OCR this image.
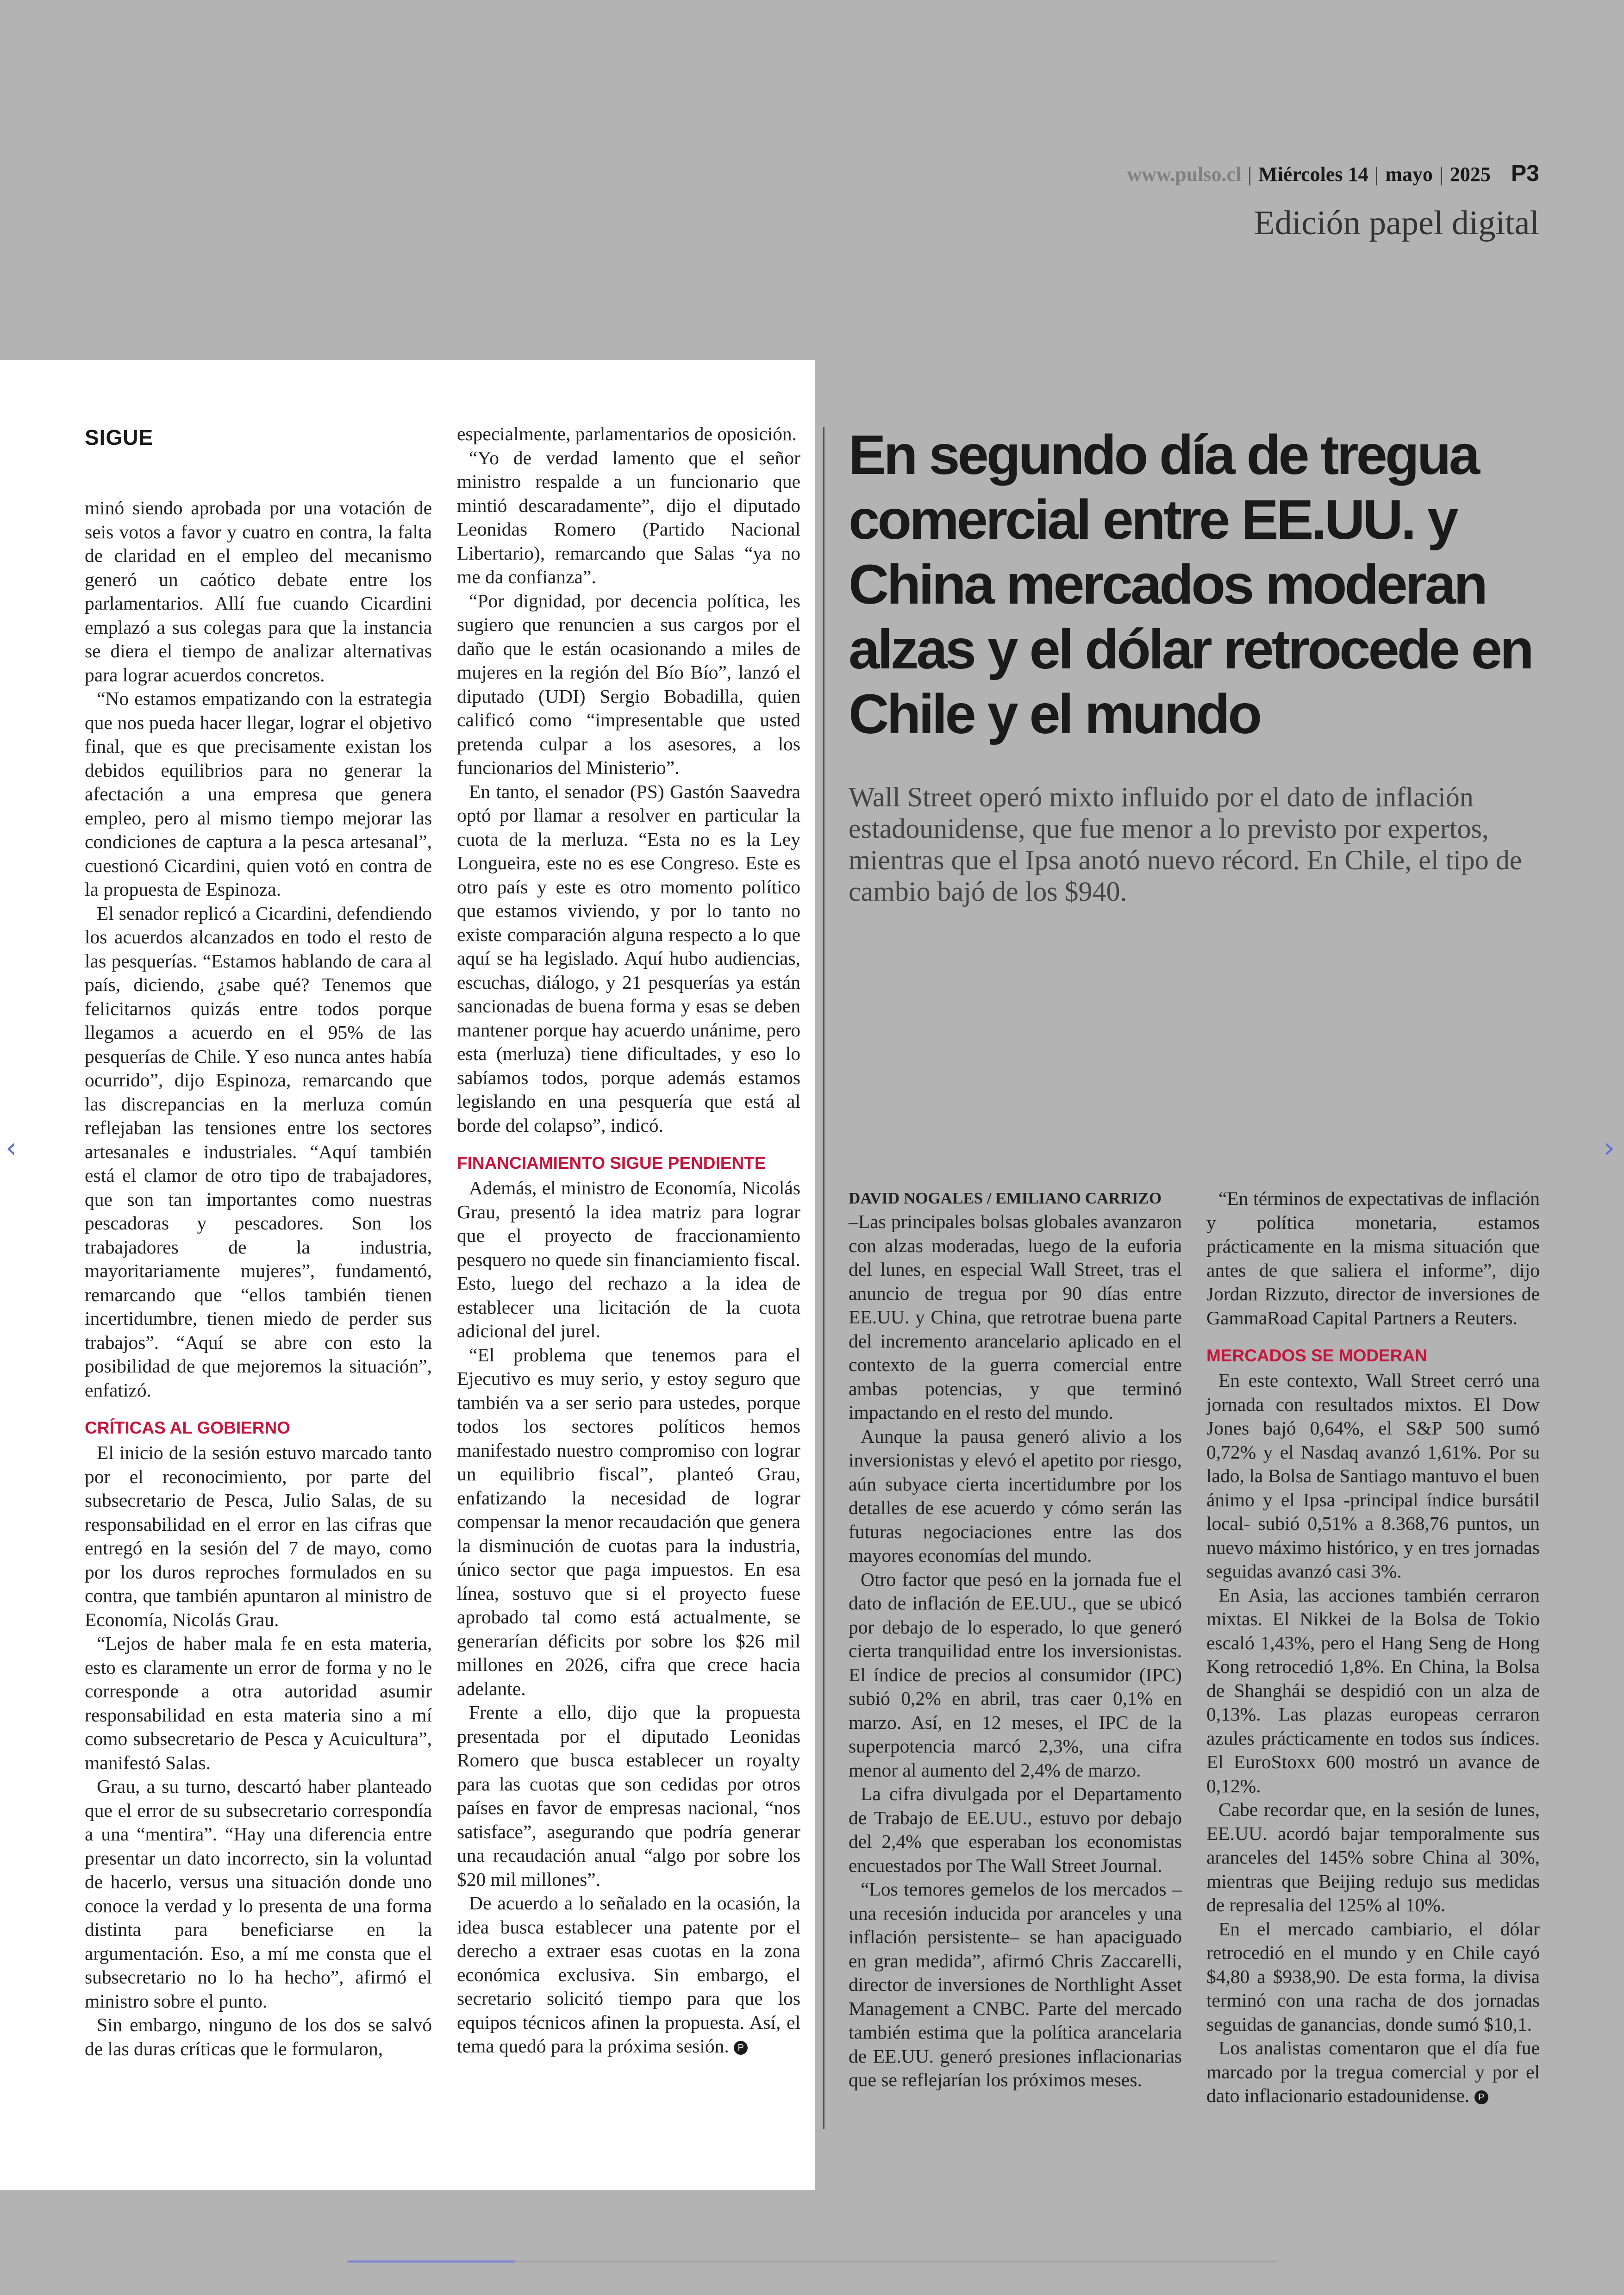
www.pulso.cl | Miércoles 14 | mayo | 2025 P3
Edición papel digital
SIGUE

minó siendo aprobada por una votación de seis votos a favor y cuatro en contra, la falta de claridad en el empleo del mecanismo generó un caótico debate entre los parlamentarios. Allí fue cuando Cicardini emplazó a sus colegas para que la instancia se diera el tiempo de analizar alternativas para lograr acuerdos concretos.

“No estamos empatizando con la estrategia que nos pueda hacer llegar, lograr el objetivo final, que es que precisamente existan los debidos equilibrios para no generar la afectación a una empresa que genera empleo, pero al mismo tiempo mejorar las condiciones de captura a la pesca artesanal”, cuestionó Cicardini, quien votó en contra de la propuesta de Espinoza.

El senador replicó a Cicardini, defendiendo los acuerdos alcanzados en todo el resto de las pesquerías. “Estamos hablando de cara al país, diciendo, ¿sabe qué? Tenemos que felicitarnos quizás entre todos porque llegamos a acuerdo en el 95% de las pesquerías de Chile. Y eso nunca antes había ocurrido”, dijo Espinoza, remarcando que las discrepancias en la merluza común reflejaban las tensiones entre los sectores artesanales e industriales. “Aquí también está el clamor de otro tipo de trabajadores, que son tan importantes como nuestras pescadoras y pescadores. Son los trabajadores de la industria, mayoritariamente mujeres”, fundamentó, remarcando que “ellos también tienen incertidumbre, tienen miedo de perder sus trabajos”. “Aquí se abre con esto la posibilidad de que mejoremos la situación”, enfatizó.

CRÍTICAS AL GOBIERNO

El inicio de la sesión estuvo marcado tanto por el reconocimiento, por parte del subsecretario de Pesca, Julio Salas, de su responsabilidad en el error en las cifras que entregó en la sesión del 7 de mayo, como por los duros reproches formulados en su contra, que también apuntaron al ministro de Economía, Nicolás Grau.

“Lejos de haber mala fe en esta materia, esto es claramente un error de forma y no le corresponde a otra autoridad asumir responsabilidad en esta materia sino a mí como subsecretario de Pesca y Acuicultura”, manifestó Salas.

Grau, a su turno, descartó haber planteado que el error de su subsecretario correspondía a una “mentira”. “Hay una diferencia entre presentar un dato incorrecto, sin la voluntad de hacerlo, versus una situación donde uno conoce la verdad y lo presenta de una forma distinta para beneficiarse en la argumentación. Eso, a mí me consta que el subsecretario no lo ha hecho”, afirmó el ministro sobre el punto.

Sin embargo, ninguno de los dos se salvó de las duras críticas que le formularon,

especialmente, parlamentarios de oposición.

“Yo de verdad lamento que el señor ministro respalde a un funcionario que mintió descaradamente”, dijo el diputado Leonidas Romero (Partido Nacional Libertario), remarcando que Salas “ya no me da confianza”.

“Por dignidad, por decencia política, les sugiero que renuncien a sus cargos por el daño que le están ocasionando a miles de mujeres en la región del Bío Bío”, lanzó el diputado (UDI) Sergio Bobadilla, quien calificó como “impresentable que usted pretenda culpar a los asesores, a los funcionarios del Ministerio”.

En tanto, el senador (PS) Gastón Saavedra optó por llamar a resolver en particular la cuota de la merluza. “Esta no es la Ley Longueira, este no es ese Congreso. Este es otro país y este es otro momento político que estamos viviendo, y por lo tanto no existe comparación alguna respecto a lo que aquí se ha legislado. Aquí hubo audiencias, escuchas, diálogo, y 21 pesquerías ya están sancionadas de buena forma y esas se deben mantener porque hay acuerdo unánime, pero esta (merluza) tiene dificultades, y eso lo sabíamos todos, porque además estamos legislando en una pesquería que está al borde del colapso”, indicó.

FINANCIAMIENTO SIGUE PENDIENTE

Además, el ministro de Economía, Nicolás Grau, presentó la idea matriz para lograr que el proyecto de fraccionamiento pesquero no quede sin financiamiento fiscal. Esto, luego del rechazo a la idea de establecer una licitación de la cuota adicional del jurel.

“El problema que tenemos para el Ejecutivo es muy serio, y estoy seguro que también va a ser serio para ustedes, porque todos los sectores políticos hemos manifestado nuestro compromiso con lograr un equilibrio fiscal”, planteó Grau, enfatizando la necesidad de lograr compensar la menor recaudación que genera la disminución de cuotas para la industria, único sector que paga impuestos. En esa línea, sostuvo que si el proyecto fuese aprobado tal como está actualmente, se generarían déficits por sobre los $26 mil millones en 2026, cifra que crece hacia adelante.

Frente a ello, dijo que la propuesta presentada por el diputado Leonidas Romero que busca establecer un royalty para las cuotas que son cedidas por otros países en favor de empresas nacional, “nos satisface”, asegurando que podría generar una recaudación anual “algo por sobre los $20 mil millones”.

De acuerdo a lo señalado en la ocasión, la idea busca establecer una patente por el derecho a extraer esas cuotas en la zona económica exclusiva. Sin embargo, el secretario solicitó tiempo para que los equipos técnicos afinen la propuesta. Así, el tema quedó para la próxima sesión. P

En segundo día de tregua comercial entre EE.UU. y China mercados moderan alzas y el dólar retrocede en Chile y el mundo
Wall Street operó mixto influido por el dato de inflación estadounidense, que fue menor a lo previsto por expertos, mientras que el Ipsa anotó nuevo récord. En Chile, el tipo de cambio bajó de los $940.
DAVID NOGALES / EMILIANO CARRIZO

–Las principales bolsas globales avanzaron con alzas moderadas, luego de la euforia del lunes, en especial Wall Street, tras el anuncio de tregua por 90 días entre EE.UU. y China, que retrotrae buena parte del incremento arancelario aplicado en el contexto de la guerra comercial entre ambas potencias, y que terminó impactando en el resto del mundo.

Aunque la pausa generó alivio a los inversionistas y elevó el apetito por riesgo, aún subyace cierta incertidumbre por los detalles de ese acuerdo y cómo serán las futuras negociaciones entre las dos mayores economías del mundo.

Otro factor que pesó en la jornada fue el dato de inflación de EE.UU., que se ubicó por debajo de lo esperado, lo que generó cierta tranquilidad entre los inversionistas. El índice de precios al consumidor (IPC) subió 0,2% en abril, tras caer 0,1% en marzo. Así, en 12 meses, el IPC de la superpotencia marcó 2,3%, una cifra menor al aumento del 2,4% de marzo.

La cifra divulgada por el Departamento de Trabajo de EE.UU., estuvo por debajo del 2,4% que esperaban los economistas encuestados por The Wall Street Journal.

“Los temores gemelos de los mercados –una recesión inducida por aranceles y una inflación persistente– se han apaciguado en gran medida”, afirmó Chris Zaccarelli, director de inversiones de Northlight Asset Management a CNBC. Parte del mercado también estima que la política arancelaria de EE.UU. generó presiones inflacionarias que se reflejarían los próximos meses.

“En términos de expectativas de inflación y política monetaria, estamos prácticamente en la misma situación que antes de que saliera el informe”, dijo Jordan Rizzuto, director de inversiones de GammaRoad Capital Partners a Reuters.

MERCADOS SE MODERAN

En este contexto, Wall Street cerró una jornada con resultados mixtos. El Dow Jones bajó 0,64%, el S&P 500 sumó 0,72% y el Nasdaq avanzó 1,61%. Por su lado, la Bolsa de Santiago mantuvo el buen ánimo y el Ipsa -principal índice bursátil local- subió 0,51% a 8.368,76 puntos, un nuevo máximo histórico, y en tres jornadas seguidas avanzó casi 3%.

En Asia, las acciones también cerraron mixtas. El Nikkei de la Bolsa de Tokio escaló 1,43%, pero el Hang Seng de Hong Kong retrocedió 1,8%. En China, la Bolsa de Shanghái se despidió con un alza de 0,13%. Las plazas europeas cerraron azules prácticamente en todos sus índices. El EuroStoxx 600 mostró un avance de 0,12%.

Cabe recordar que, en la sesión de lunes, EE.UU. acordó bajar temporalmente sus aranceles del 145% sobre China al 30%, mientras que Beijing redujo sus medidas de represalia del 125% al 10%.

En el mercado cambiario, el dólar retrocedió en el mundo y en Chile cayó $4,80 a $938,90. De esta forma, la divisa terminó con una racha de dos jornadas seguidas de ganancias, donde sumó $10,1.

Los analistas comentaron que el día fue marcado por la tregua comercial y por el dato inflacionario estadounidense. P

‹	›
